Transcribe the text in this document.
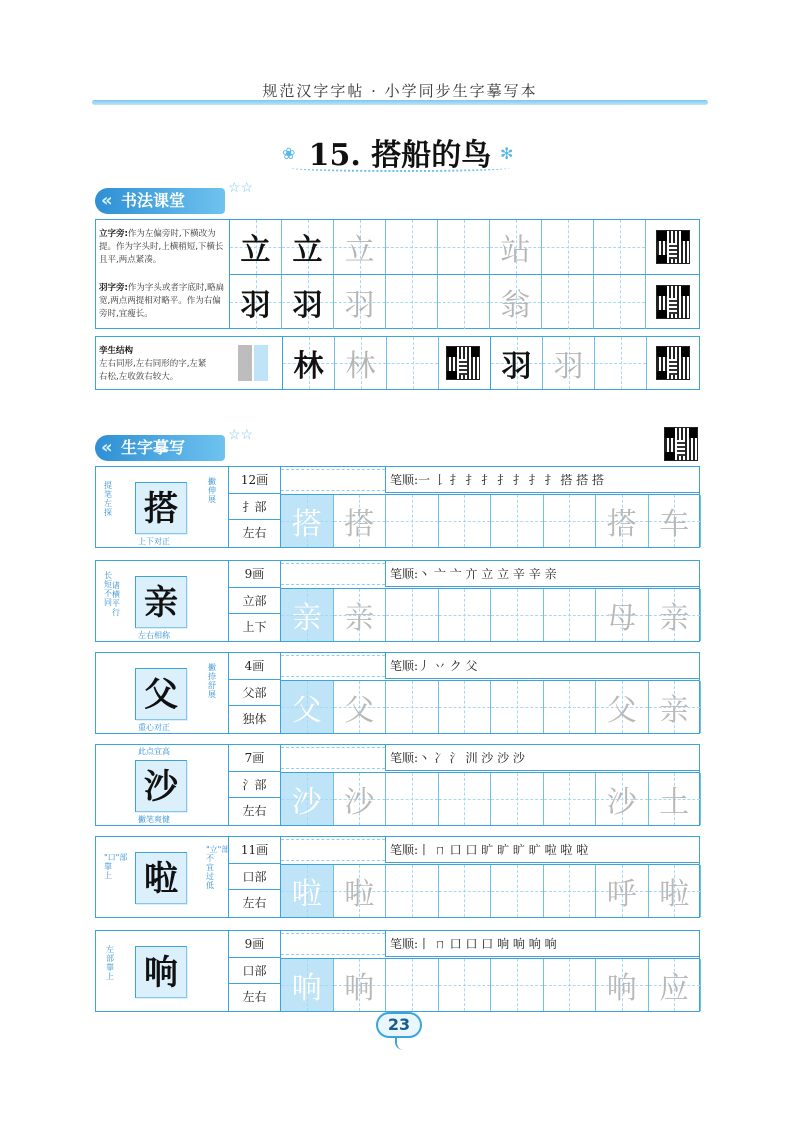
规范汉字字帖 · 小学同步生字摹写本
❀ 15. 搭船的鸟 ✻
« 书法课堂
☆☆
立字旁:作为左偏旁时,下横改为提。作为字头时,上横稍短,下横长且平,两点紧凑。	立 立 立	站
羽字旁:作为字头或者字底时,略扁宽,两点两提相对略平。作为右偏旁时,宜瘦长。	羽 羽 羽	翁
孪生结构
左右同形,左右同形的字,左紧右松,左收敛右较大。	林 林	羽 羽
« 生字摹写
☆☆
搭
提笔左探
撇伸展
上下对正
12画
扌部
左右
笔顺:一 𠄌 扌 扌 扌 扌 扌 扌 扌 搭 搭 搭
搭 搭	搭 车
亲
长短不同
诸横平行
左右相称
9画
立部
上下
笔顺:丶 亠 亠 亣 立 立 辛 辛 亲
亲 亲	母 亲
父
撇捺舒展
重心对正
4画
父部
独体
笔顺:丿 丷 ク 父
父 父	父 亲
沙
此点宜高
撇笔爽健
7画
氵部
左右
笔顺:丶 冫 氵 汌 沙 沙 沙
沙 沙	沙 土
啦
"口"部靠上
"立"部不宜过低
11画
口部
左右
笔顺:丨 ㄇ 口 口 旷 旷 旷 旷 啦 啦 啦
啦 啦	呼 啦
响
左部靠上
9画
口部
左右
笔顺:丨 ㄇ 口 口 口 响 响 响 响
响 响	响 应
23
